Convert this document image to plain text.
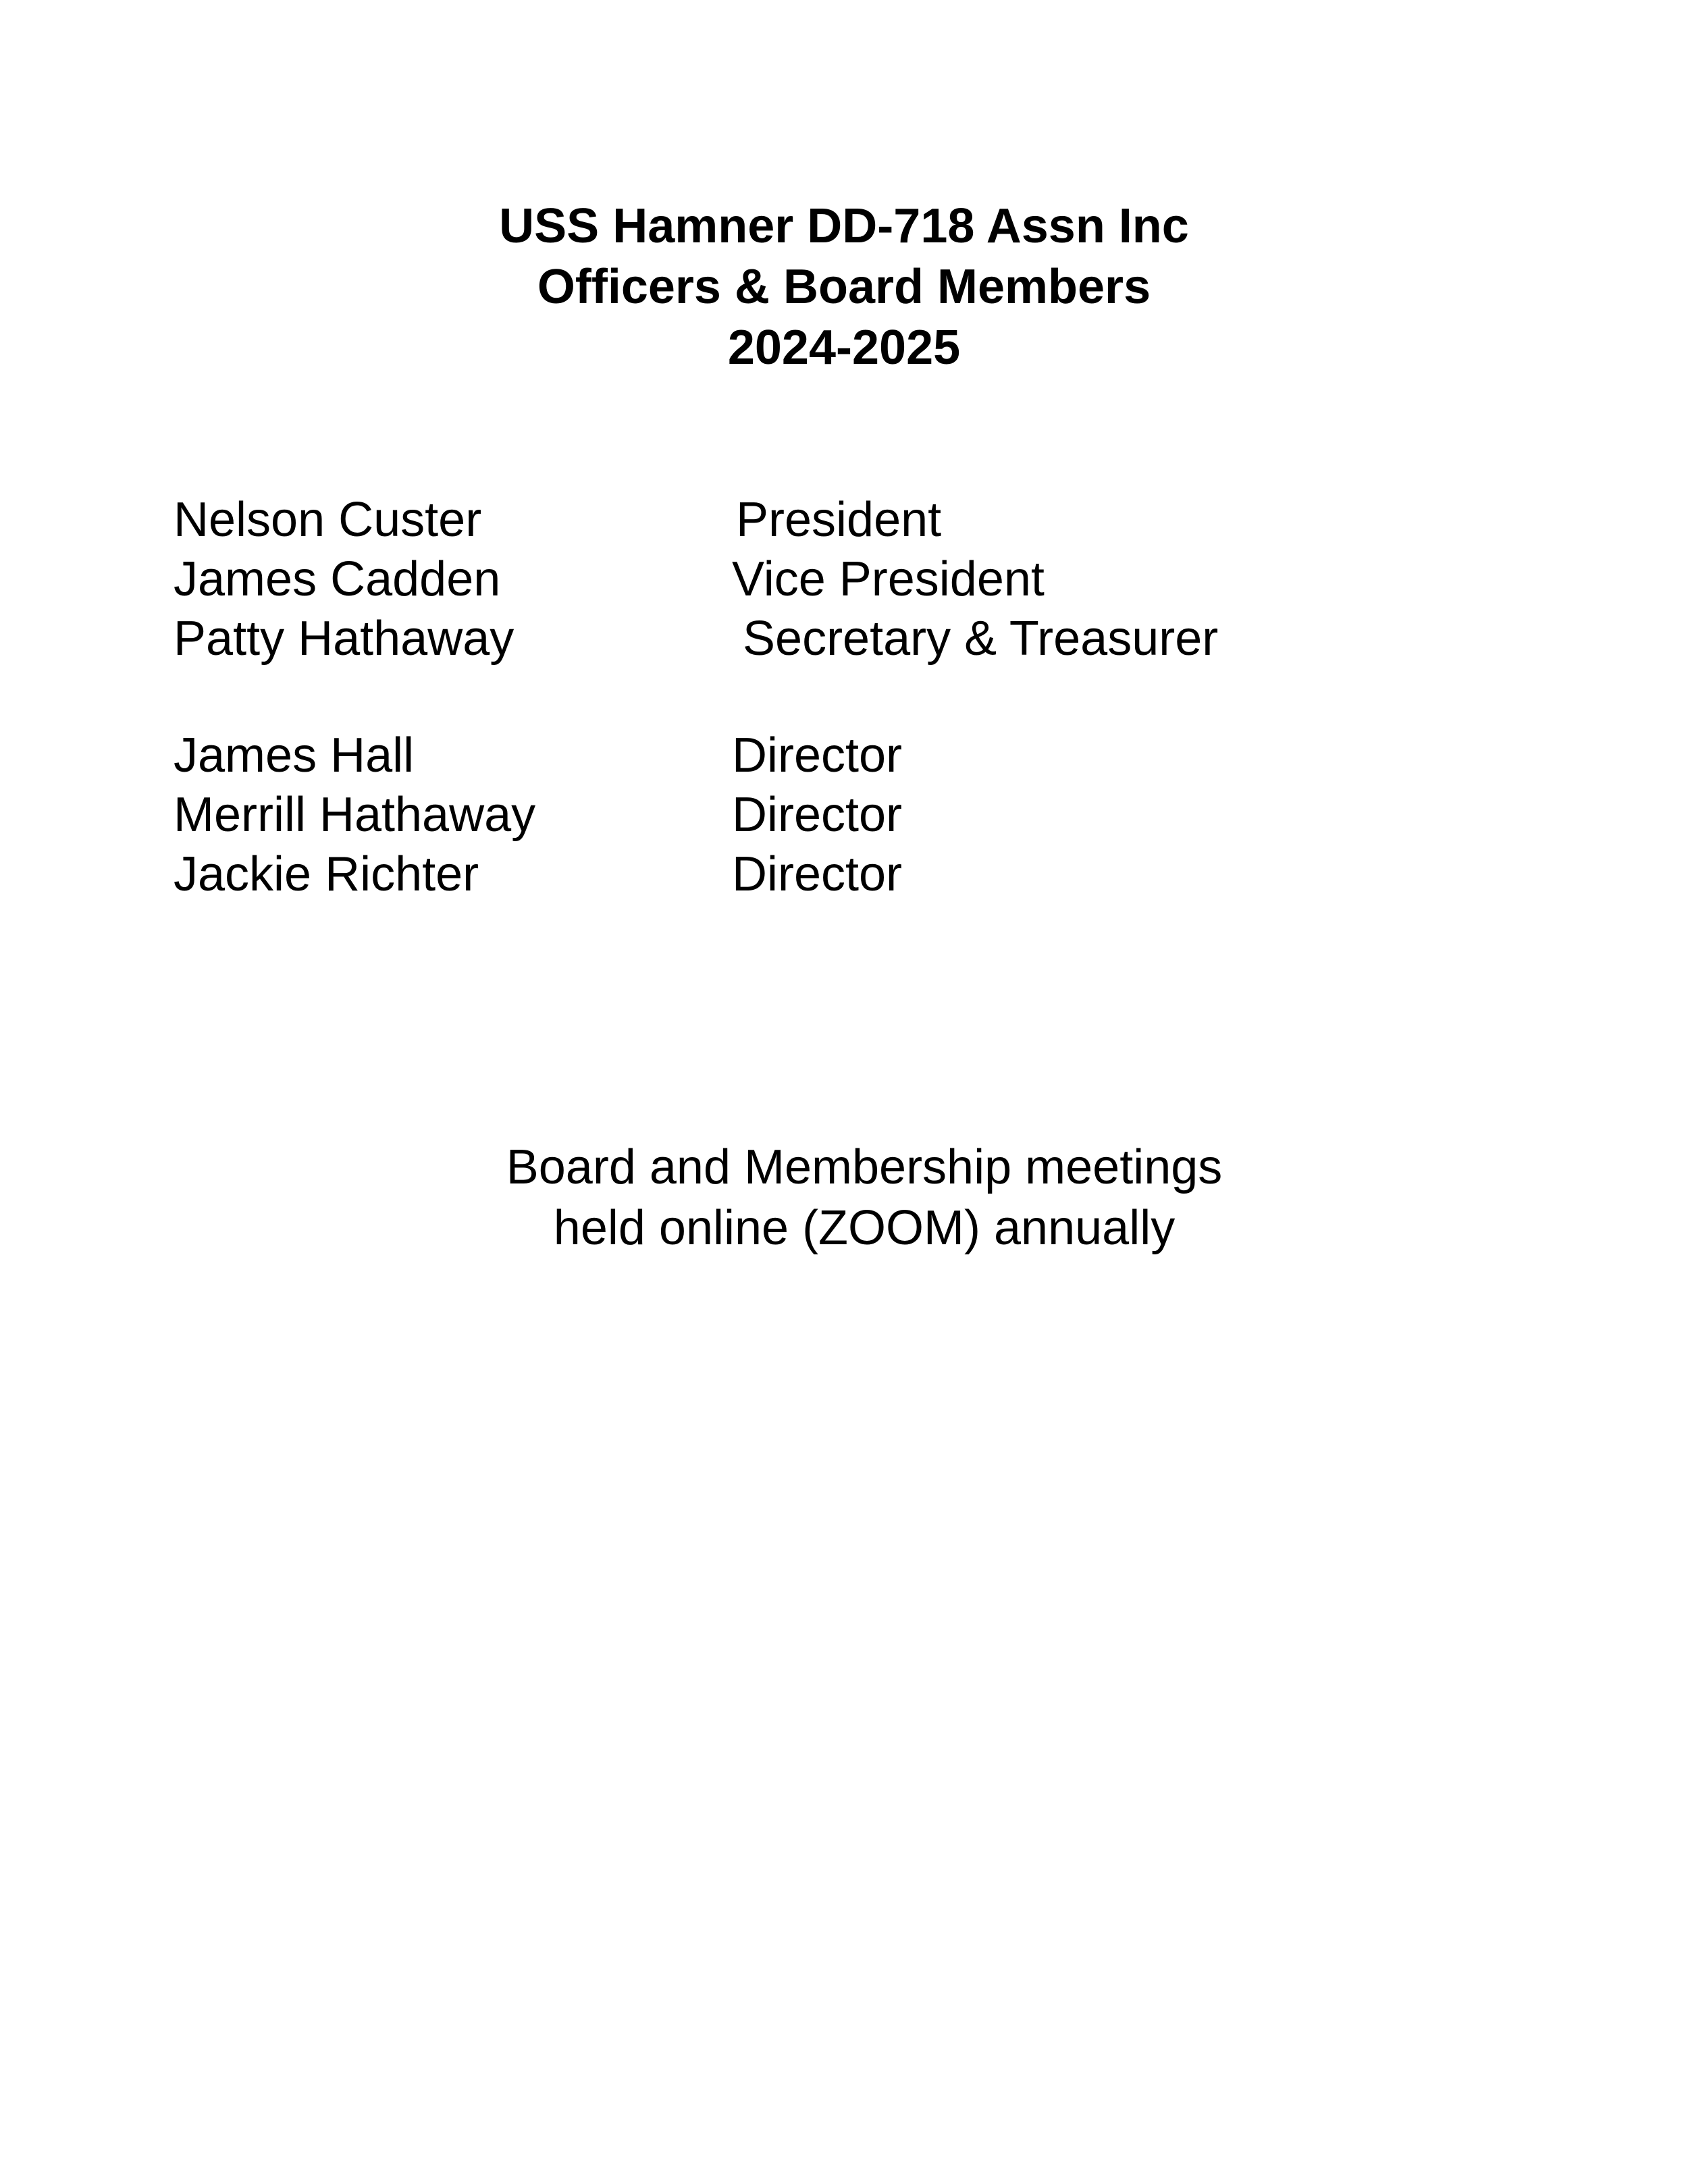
USS Hamner DD-718 Assn Inc
Officers & Board Members
2024-2025
Nelson Custer	President
James Cadden	Vice President
Patty Hathaway	Secretary & Treasurer
James Hall	Director
Merrill Hathaway	Director
Jackie Richter	Director
Board and Membership meetings
held online (ZOOM) annually
